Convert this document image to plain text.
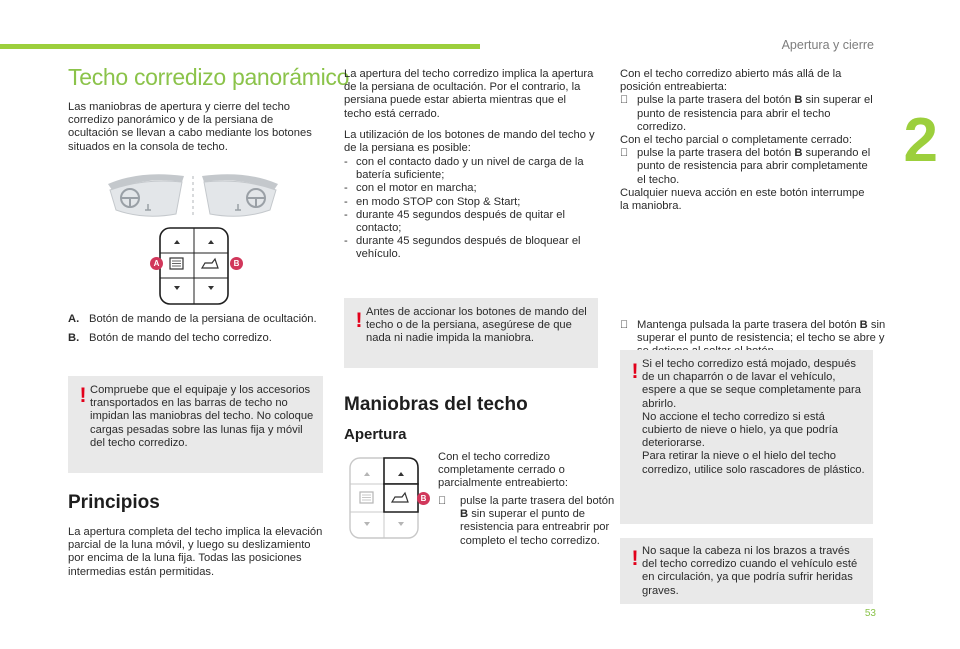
Apertura y cierre
2
53
Techo corredizo panorámico

Las maniobras de apertura y cierre del techo corredizo panorámico y de la persiana de ocultación se llevan a cabo mediante los botones situados en la consola de techo.

A	B

A. Botón de mando de la persiana de ocultación.

B. Botón de mando del techo corredizo.

! Compruebe que el equipaje y los accesorios transportados en las barras de techo no impidan las maniobras del techo. No coloque cargas pesadas sobre las lunas fija y móvil del techo corredizo.

Principios

La apertura completa del techo implica la elevación parcial de la luna móvil, y luego su deslizamiento por encima de la luna fija. Todas las posiciones intermedias están permitidas.

La apertura del techo corredizo implica la apertura de la persiana de ocultación. Por el contrario, la persiana puede estar abierta mientras que el techo está cerrado.

La utilización de los botones de mando del techo y de la persiana es posible:

- con el contacto dado y un nivel de carga de la batería suficiente;
- con el motor en marcha;
- en modo STOP con Stop & Start;
- durante 45 segundos después de quitar el contacto;
- durante 45 segundos después de bloquear el vehículo.
! Antes de accionar los botones de mando del techo o de la persiana, asegúrese de que nada ni nadie impida la maniobra.

Maniobras del techo
Apertura
B

Con el techo corredizo completamente cerrado o parcialmente entreabierto:

pulse la parte trasera del botón B sin superar el punto de resistencia para entreabrir por completo el techo corredizo.

Con el techo corredizo abierto más allá de la posición entreabierta:

pulse la parte trasera del botón B sin superar el punto de resistencia para abrir el techo corredizo.

Con el techo parcial o completamente cerrado:

pulse la parte trasera del botón B superando el punto de resistencia para abrir completamente el techo.

Cualquier nueva acción en este botón interrumpe la maniobra.

Mantenga pulsada la parte trasera del botón B sin superar el punto de resistencia; el techo se abre y

! Si el techo corredizo está mojado, después de un chaparrón o de lavar el vehículo, espere a que se seque completamente para abrirlo.
No accione el techo corredizo si está cubierto de nieve o hielo, ya que podría deteriorarse.
Para retirar la nieve o el hielo del techo corredizo, utilice solo rascadores de plástico.

! No saque la cabeza ni los brazos a través del techo corredizo cuando el vehículo esté en circulación, ya que podría sufrir heridas graves.
